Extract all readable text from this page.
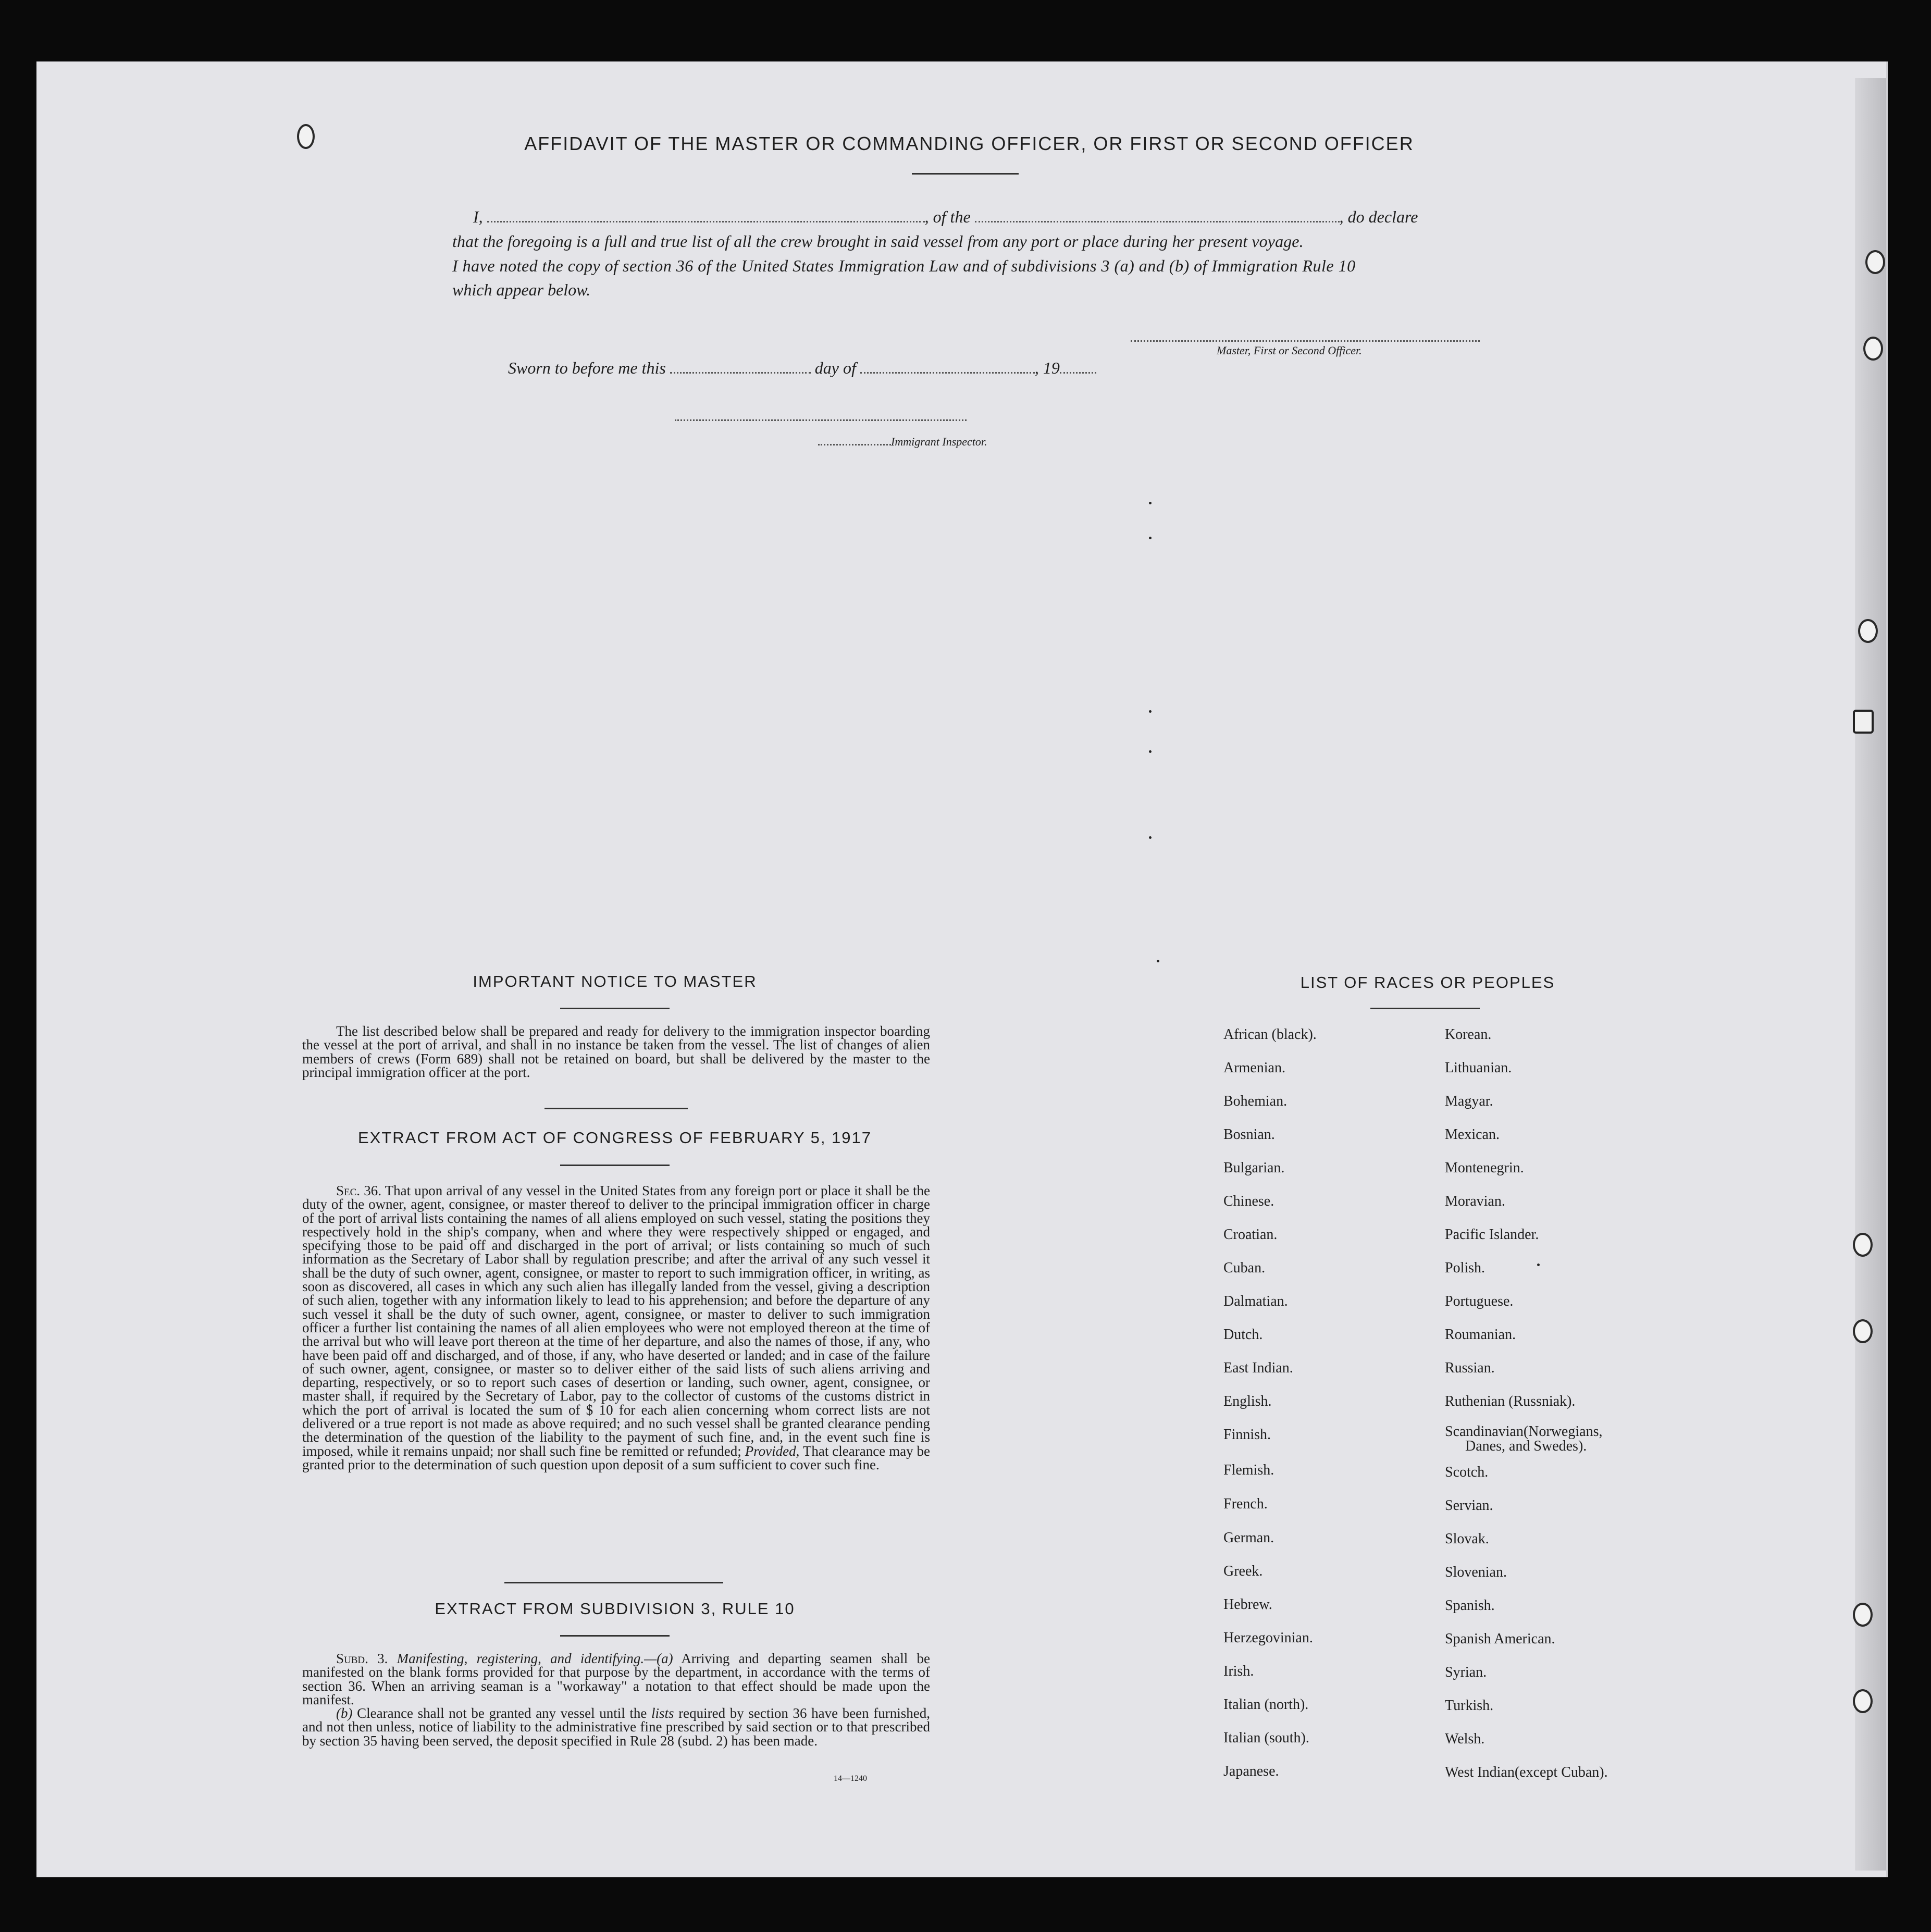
AFFIDAVIT OF THE MASTER OR COMMANDING OFFICER, OR FIRST OR SECOND OFFICER
I,	, of the	, do declare
that the foregoing is a full and true list of all the crew brought in said vessel from any port or place during her present voyage.
I have noted the copy of section 36 of the United States Immigration Law and of subdivisions 3 (a) and (b) of Immigration Rule 10
which appear below.
Master, First or Second Officer.
Sworn to before me this	day of	, 19
Immigrant Inspector.
IMPORTANT NOTICE TO MASTER
The list described below shall be prepared and ready for delivery to the immigration inspector boarding the vessel at the port of arrival, and shall in no instance be taken from the vessel. The list of changes of alien members of crews (Form 689) shall not be retained on board, but shall be delivered by the master to the principal immigration officer at the port.
EXTRACT FROM ACT OF CONGRESS OF FEBRUARY 5, 1917
Sec. 36. That upon arrival of any vessel in the United States from any foreign port or place it shall be the duty of the owner, agent, consignee, or master thereof to deliver to the principal immigration officer in charge of the port of arrival lists containing the names of all aliens employed on such vessel, stating the positions they respectively hold in the ship's company, when and where they were respectively shipped or engaged, and specifying those to be paid off and discharged in the port of arrival; or lists containing so much of such information as the Secretary of Labor shall by regulation prescribe; and after the arrival of any such vessel it shall be the duty of such owner, agent, consignee, or master to report to such immigration officer, in writing, as soon as discovered, all cases in which any such alien has illegally landed from the vessel, giving a description of such alien, together with any information likely to lead to his apprehension; and before the departure of any such vessel it shall be the duty of such owner, agent, consignee, or master to deliver to such immigration officer a further list containing the names of all alien employees who were not employed thereon at the time of the arrival but who will leave port thereon at the time of her departure, and also the names of those, if any, who have been paid off and discharged, and of those, if any, who have deserted or landed; and in case of the failure of such owner, agent, consignee, or master so to deliver either of the said lists of such aliens arriving and departing, respectively, or so to report such cases of desertion or landing, such owner, agent, consignee, or master shall, if required by the Secretary of Labor, pay to the collector of customs of the customs district in which the port of arrival is located the sum of $ 10 for each alien concerning whom correct lists are not delivered or a true report is not made as above required; and no such vessel shall be granted clearance pending the determination of the question of the liability to the payment of such fine, and, in the event such fine is imposed, while it remains unpaid; nor shall such fine be remitted or refunded; Provided, That clearance may be granted prior to the determination of such question upon deposit of a sum sufficient to cover such fine.
EXTRACT FROM SUBDIVISION 3, RULE 10
Subd. 3. Manifesting, registering, and identifying.—(a) Arriving and departing seamen shall be manifested on the blank forms provided for that purpose by the department, in accordance with the terms of section 36. When an arriving seaman is a "workaway" a notation to that effect should be made upon the manifest.
(b) Clearance shall not be granted any vessel until the lists required by section 36 have been furnished, and not then unless, notice of liability to the administrative fine prescribed by said section or to that prescribed by section 35 having been served, the deposit specified in Rule 28 (subd. 2) has been made.
14—1240
LIST OF RACES OR PEOPLES
African (black).
Armenian.
Bohemian.
Bosnian.
Bulgarian.
Chinese.
Croatian.
Cuban.
Dalmatian.
Dutch.
East Indian.
English.
Finnish.
Flemish.
French.
German.
Greek.
Hebrew.
Herzegovinian.
Irish.
Italian (north).
Italian (south).
Japanese.
Korean.
Lithuanian.
Magyar.
Mexican.
Montenegrin.
Moravian.
Pacific Islander.
Polish.
Portuguese.
Roumanian.
Russian.
Ruthenian (Russniak).
Scandinavian(Norwegians,
Danes, and Swedes).
Scotch.
Servian.
Slovak.
Slovenian.
Spanish.
Spanish American.
Syrian.
Turkish.
Welsh.
West Indian(except Cuban).
